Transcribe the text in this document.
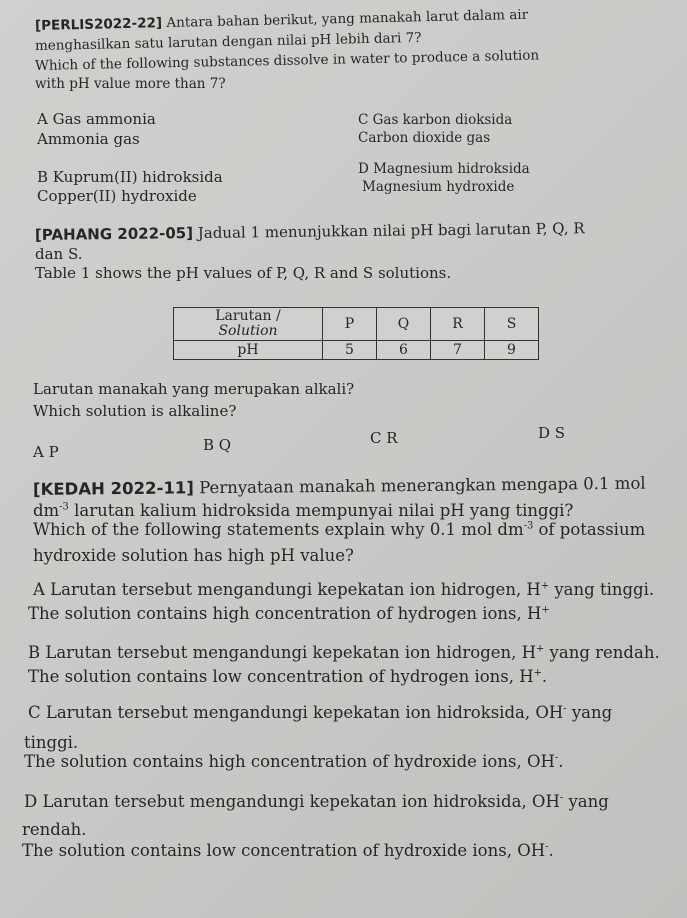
[PERLIS2022-22] Antara bahan berikut, yang manakah larut dalam air
menghasilkan satu larutan dengan nilai pH lebih dari 7?
Which of the following substances dissolve in water to produce a solution
with pH value more than 7?
A Gas ammonia
Ammonia gas
B Kuprum(II) hidroksida
Copper(II) hydroxide
C Gas karbon dioksida
Carbon dioxide gas
D Magnesium hidroksida
Magnesium hydroxide
[PAHANG 2022-05] Jadual 1 menunjukkan nilai pH bagi larutan P, Q, R
dan S.
Table 1 shows the pH values of P, Q, R and S solutions.
Larutan /
Solution	P	Q	R	S
pH	5	6	7	9
Larutan manakah yang merupakan alkali?
Which solution is alkaline?
A P	B Q	C R	D S
[KEDAH 2022-11] Pernyataan manakah menerangkan mengapa 0.1 mol
$dm^{-3}$ larutan kalium hidroksida mempunyai nilai pH yang tinggi?
Which of the following statements explain why 0.1 mol $dm^{-3}$ of potassium
hydroxide solution has high pH value?
A Larutan tersebut mengandungi kepekatan ion hidrogen, H+ yang tinggi.
The solution contains high concentration of hydrogen ions, H+
B Larutan tersebut mengandungi kepekatan ion hidrogen, H+ yang rendah.
The solution contains low concentration of hydrogen ions, H+.
C Larutan tersebut mengandungi kepekatan ion hidroksida, OH- yang
tinggi.
The solution contains high concentration of hydroxide ions, OH-.
D Larutan tersebut mengandungi kepekatan ion hidroksida, OH- yang
rendah.
The solution contains low concentration of hydroxide ions, OH-.
